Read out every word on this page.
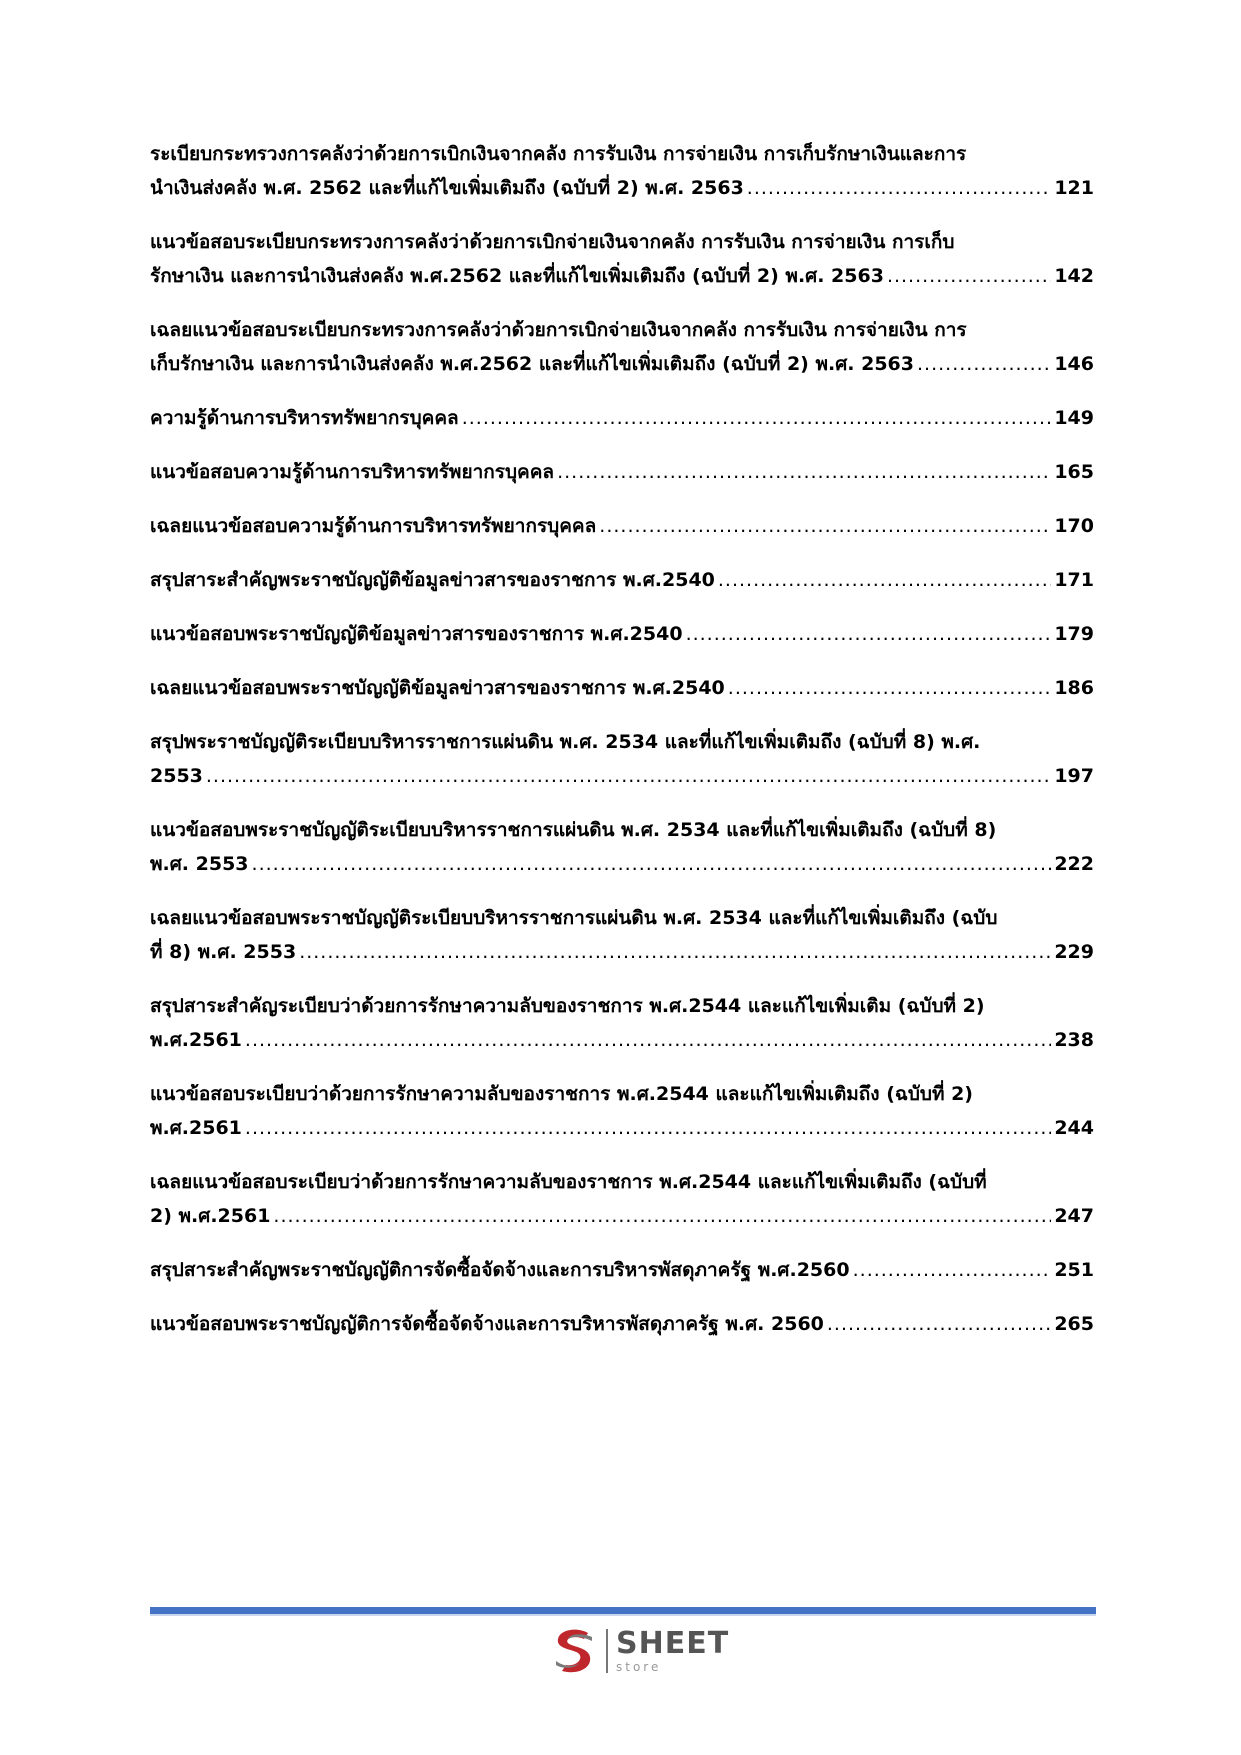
ระเบียบกระทรวงการคลังว่าด้วยการเบิกเงินจากคลัง การรับเงิน การจ่ายเงิน การเก็บรักษาเงินและการ
นำเงินส่งคลัง พ.ศ. 2562 และที่แก้ไขเพิ่มเติมถึง (ฉบับที่ 2) พ.ศ. 2563 .....	121
แนวข้อสอบระเบียบกระทรวงการคลังว่าด้วยการเบิกจ่ายเงินจากคลัง การรับเงิน การจ่ายเงิน การเก็บ
รักษาเงิน และการนำเงินส่งคลัง พ.ศ.2562 และที่แก้ไขเพิ่มเติมถึง (ฉบับที่ 2) พ.ศ. 2563 .....	142
เฉลยแนวข้อสอบระเบียบกระทรวงการคลังว่าด้วยการเบิกจ่ายเงินจากคลัง การรับเงิน การจ่ายเงิน การ
เก็บรักษาเงิน และการนำเงินส่งคลัง พ.ศ.2562 และที่แก้ไขเพิ่มเติมถึง (ฉบับที่ 2) พ.ศ. 2563 .....	146
ความรู้ด้านการบริหารทรัพยากรบุคคล .....	149
แนวข้อสอบความรู้ด้านการบริหารทรัพยากรบุคคล .....	165
เฉลยแนวข้อสอบความรู้ด้านการบริหารทรัพยากรบุคคล .....	170
สรุปสาระสำคัญพระราชบัญญัติข้อมูลข่าวสารของราชการ พ.ศ.2540 .....	171
แนวข้อสอบพระราชบัญญัติข้อมูลข่าวสารของราชการ พ.ศ.2540 .....	179
เฉลยแนวข้อสอบพระราชบัญญัติข้อมูลข่าวสารของราชการ พ.ศ.2540 .....	186
สรุปพระราชบัญญัติระเบียบบริหารราชการแผ่นดิน พ.ศ. 2534 และที่แก้ไขเพิ่มเติมถึง (ฉบับที่ 8) พ.ศ.
2553 .....	197
แนวข้อสอบพระราชบัญญัติระเบียบบริหารราชการแผ่นดิน พ.ศ. 2534 และที่แก้ไขเพิ่มเติมถึง (ฉบับที่ 8)
พ.ศ. 2553 .....	222
เฉลยแนวข้อสอบพระราชบัญญัติระเบียบบริหารราชการแผ่นดิน พ.ศ. 2534 และที่แก้ไขเพิ่มเติมถึง (ฉบับ
ที่ 8) พ.ศ. 2553 .....	229
สรุปสาระสำคัญระเบียบว่าด้วยการรักษาความลับของราชการ พ.ศ.2544 และแก้ไขเพิ่มเติม (ฉบับที่ 2)
พ.ศ.2561 .....	238
แนวข้อสอบระเบียบว่าด้วยการรักษาความลับของราชการ พ.ศ.2544 และแก้ไขเพิ่มเติมถึง (ฉบับที่ 2)
พ.ศ.2561 .....	244
เฉลยแนวข้อสอบระเบียบว่าด้วยการรักษาความลับของราชการ พ.ศ.2544 และแก้ไขเพิ่มเติมถึง (ฉบับที่
2) พ.ศ.2561 .....	247
สรุปสาระสำคัญพระราชบัญญัติการจัดซื้อจัดจ้างและการบริหารพัสดุภาครัฐ พ.ศ.2560 .....	251
แนวข้อสอบพระราชบัญญัติการจัดซื้อจัดจ้างและการบริหารพัสดุภาครัฐ พ.ศ. 2560 .....	265
SHEET
store
